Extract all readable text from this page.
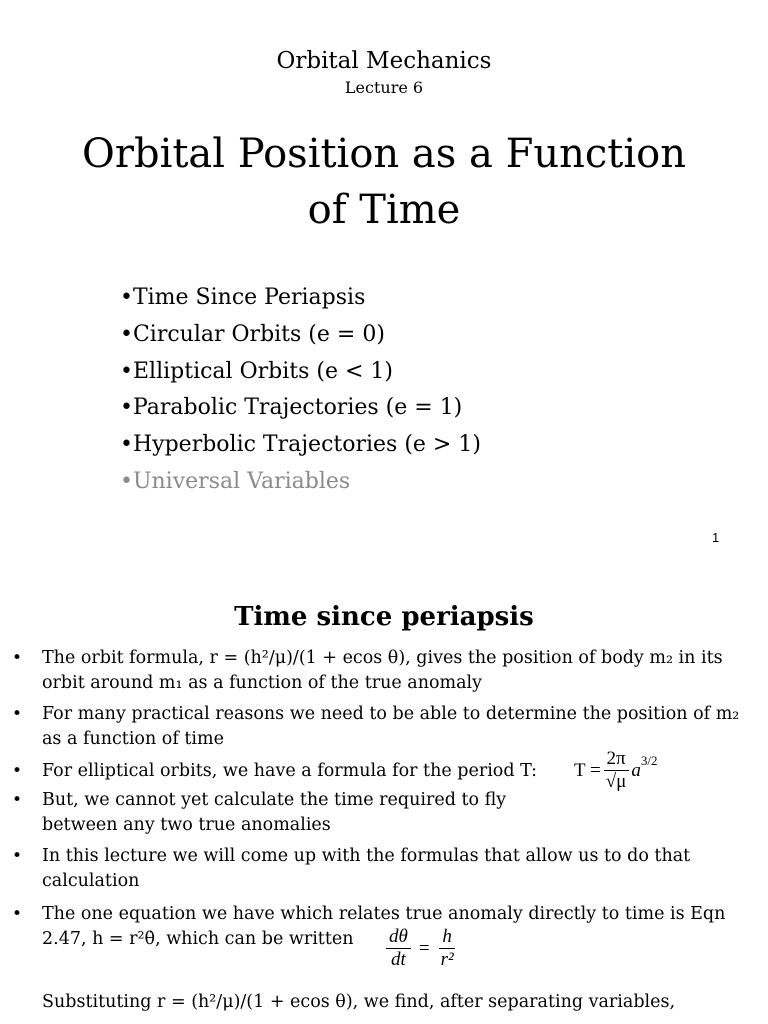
Orbital Mechanics
Lecture 6
Orbital Position as a Function
of Time
•Time Since Periapsis
•Circular Orbits (e = 0)
•Elliptical Orbits (e < 1)
•Parabolic Trajectories (e = 1)
•Hyperbolic Trajectories (e > 1)
•Universal Variables
1
Time since periapsis
• The orbit formula, r = (h²/μ)/(1 + ecos θ), gives the position of body m₂ in its
orbit around m₁ as a function of the true anomaly
• For many practical reasons we need to be able to determine the position of m₂
as a function of time
• For elliptical orbits, we have a formula for the period T: $T = \frac{2\pi}{√\mu} a^{3/2}$
• But, we cannot yet calculate the time required to fly
between any two true anomalies
• In this lecture we will come up with the formulas that allow us to do that
calculation
• The one equation we have which relates true anomaly directly to time is Eqn
2.47, h = r²θ̇, which can be written $\frac{d\theta}{dt} = \frac{h}{\text{r²}}$
Substituting r = (h²/μ)/(1 + ecos θ), we find, after separating variables,
